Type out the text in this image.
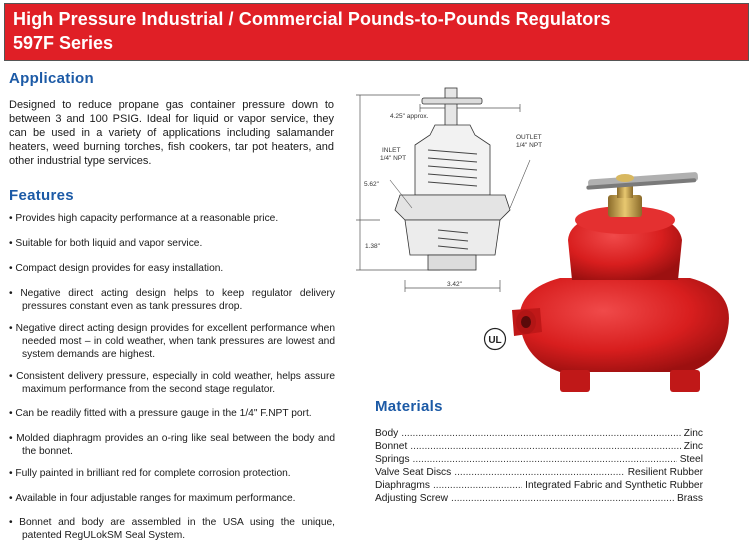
High Pressure Industrial / Commercial Pounds-to-Pounds Regulators
597F Series
Application
Designed to reduce propane gas container pressure down to between 3 and 100 PSIG. Ideal for liquid or vapor service, they can be used in a variety of applications including salamander heaters, weed burning torches, fish cookers, tar pot heaters, and other industrial type services.
Features
• Provides high capacity performance at a reasonable price.
• Suitable for both liquid and vapor service.
• Compact design provides for easy installation.
• Negative direct acting design helps to keep regulator delivery pressures constant even as tank pressures drop.
• Negative direct acting design provides for excellent performance when needed most – in cold weather, when tank pressures are lowest and system demands are highest.
• Consistent delivery pressure, especially in cold weather, helps assure maximum performance from the second stage regulator.
• Can be readily fitted with a pressure gauge in the 1/4" F.NPT port.
• Molded diaphragm provides an o-ring like seal between the body and the bonnet.
• Fully painted in brilliant red for complete corrosion protection.
• Available in four adjustable ranges for maximum performance.
• Bonnet and body are assembled in the USA using the unique, patented RegULokSM Seal System.
4.25" approx.
INLET
1/4" NPT
OUTLET
1/4" NPT
5.62"
1.38"
3.42"
UL
Materials
Body .....	Zinc
Bonnet .....	Zinc
Springs .....	Steel
Valve Seat Discs .....	Resilient Rubber
Diaphragms .....	Integrated Fabric and Synthetic Rubber
Adjusting Screw .....	Brass
